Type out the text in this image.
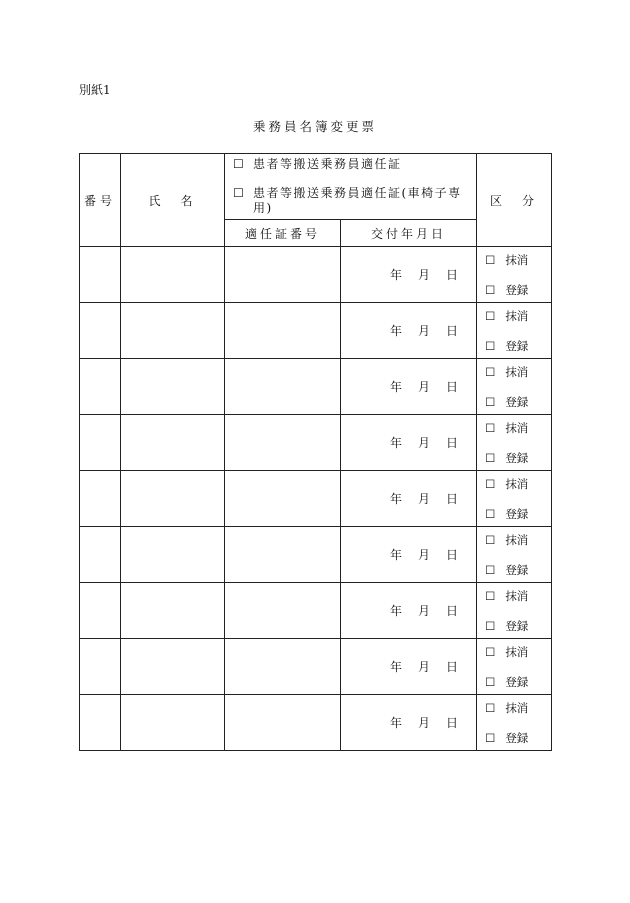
別紙1
乗務員名簿変更票
番号	氏　名	☐ 患者等搬送乗務員適任証
☐ 患者等搬送乗務員適任証(車椅子専用)		区　分
		適任証番号	交付年月日	
			年 月 日	☐ 抹消
☐ 登録

			年 月 日	☐ 抹消
☐ 登録

			年 月 日	☐ 抹消
☐ 登録

			年 月 日	☐ 抹消
☐ 登録

			年 月 日	☐ 抹消
☐ 登録

			年 月 日	☐ 抹消
☐ 登録

			年 月 日	☐ 抹消
☐ 登録

			年 月 日	☐ 抹消
☐ 登録

			年 月 日	☐ 抹消
☐ 登録
